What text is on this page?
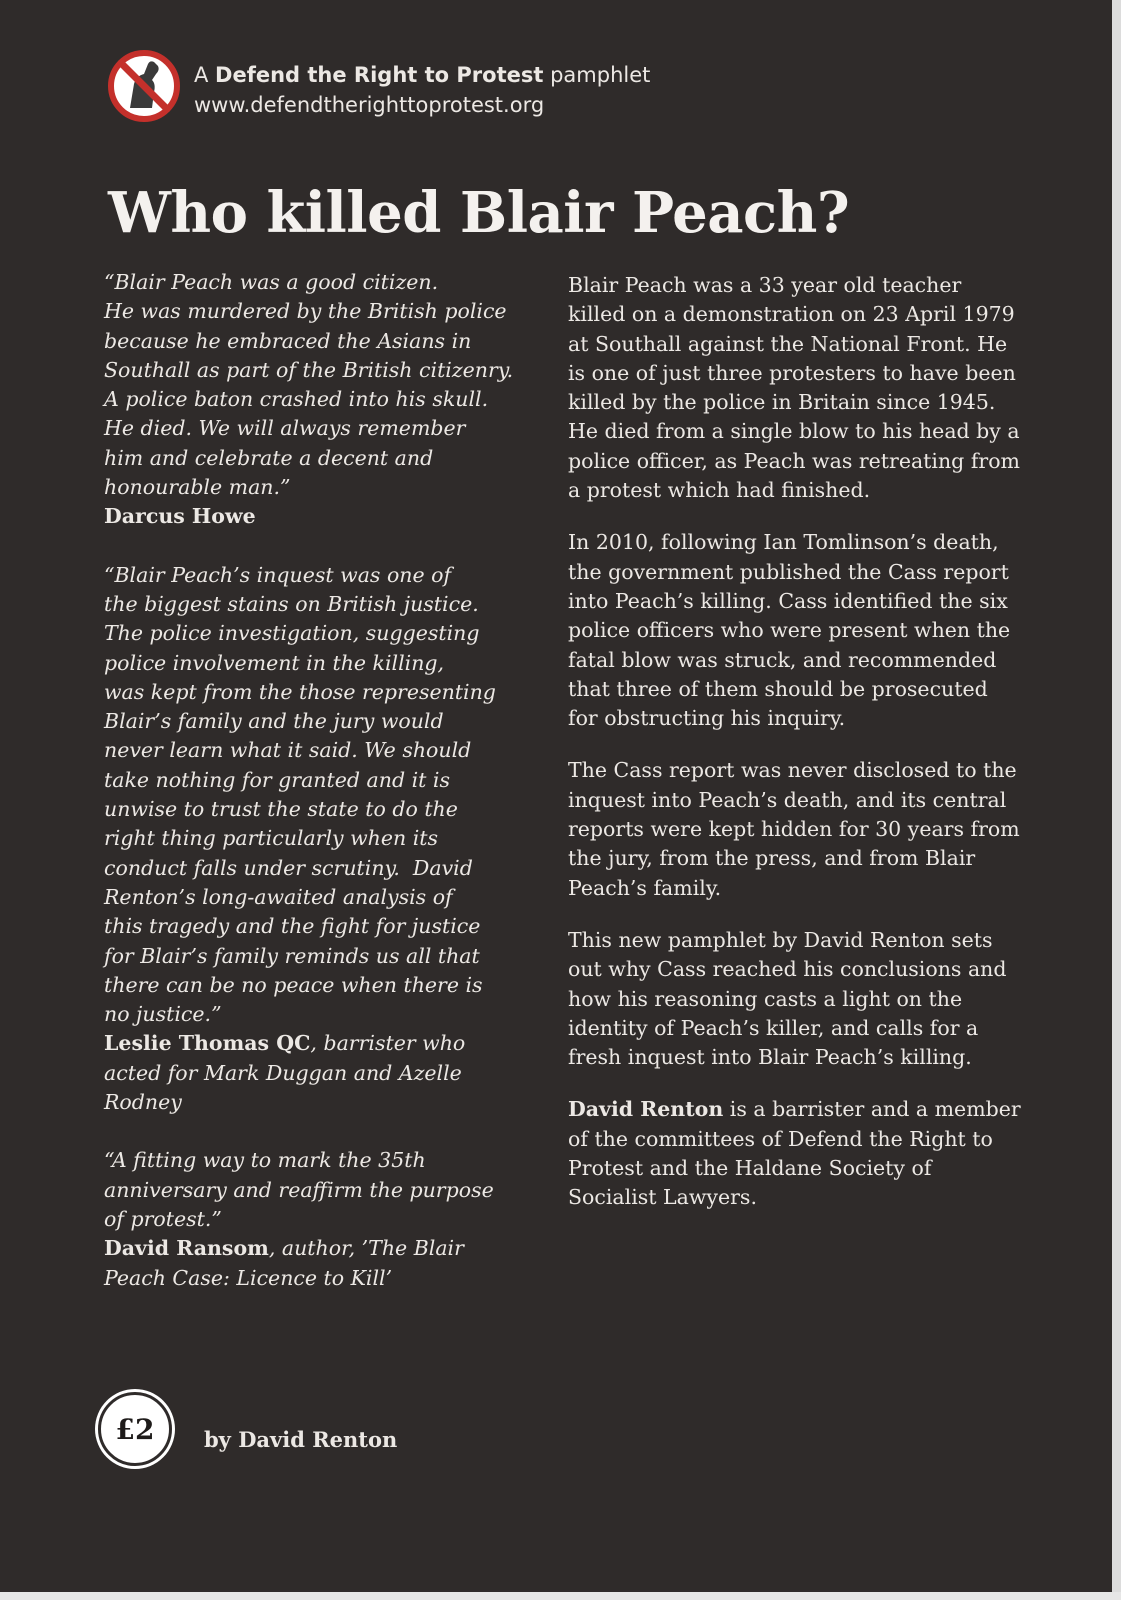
A Defend the Right to Protest pamphlet
www.defendtherighttoprotest.org
Who killed Blair Peach?
“Blair Peach was a good citizen.
He was murdered by the British police
because he embraced the Asians in
Southall as part of the British citizenry.
A police baton crashed into his skull.
He died. We will always remember
him and celebrate a decent and
honourable man.”
Darcus Howe
“Blair Peach’s inquest was one of
the biggest stains on British justice.
The police investigation, suggesting
police involvement in the killing,
was kept from the those representing
Blair’s family and the jury would
never learn what it said. We should
take nothing for granted and it is
unwise to trust the state to do the
right thing particularly when its
conduct falls under scrutiny.  David
Renton’s long-awaited analysis of
this tragedy and the fight for justice
for Blair’s family reminds us all that
there can be no peace when there is
no justice.”
Leslie Thomas QC, barrister who acted for Mark Duggan and Azelle Rodney
“A fitting way to mark the 35th
anniversary and reaffirm the purpose
of protest.”
David Ransom, author, ’The Blair Peach Case: Licence to Kill’

Blair Peach was a 33 year old teacher killed on a demonstration on 23 April 1979 at Southall against the National Front. He is one of just three protesters to have been killed by the police in Britain since 1945. He died from a single blow to his head by a police officer, as Peach was retreating from a protest which had finished.

In 2010, following Ian Tomlinson’s death, the government published the Cass report into Peach’s killing. Cass identified the six police officers who were present when the fatal blow was struck, and recommended that three of them should be prosecuted for obstructing his inquiry.

The Cass report was never disclosed to the inquest into Peach’s death, and its central reports were kept hidden for 30 years from the jury, from the press, and from Blair Peach’s family.

This new pamphlet by David Renton sets out why Cass reached his conclusions and how his reasoning casts a light on the identity of Peach’s killer, and calls for a fresh inquest into Blair Peach’s killing.

David Renton is a barrister and a member of the committees of Defend the Right to Protest and the Haldane Society of Socialist Lawyers.

£2 by David Renton
